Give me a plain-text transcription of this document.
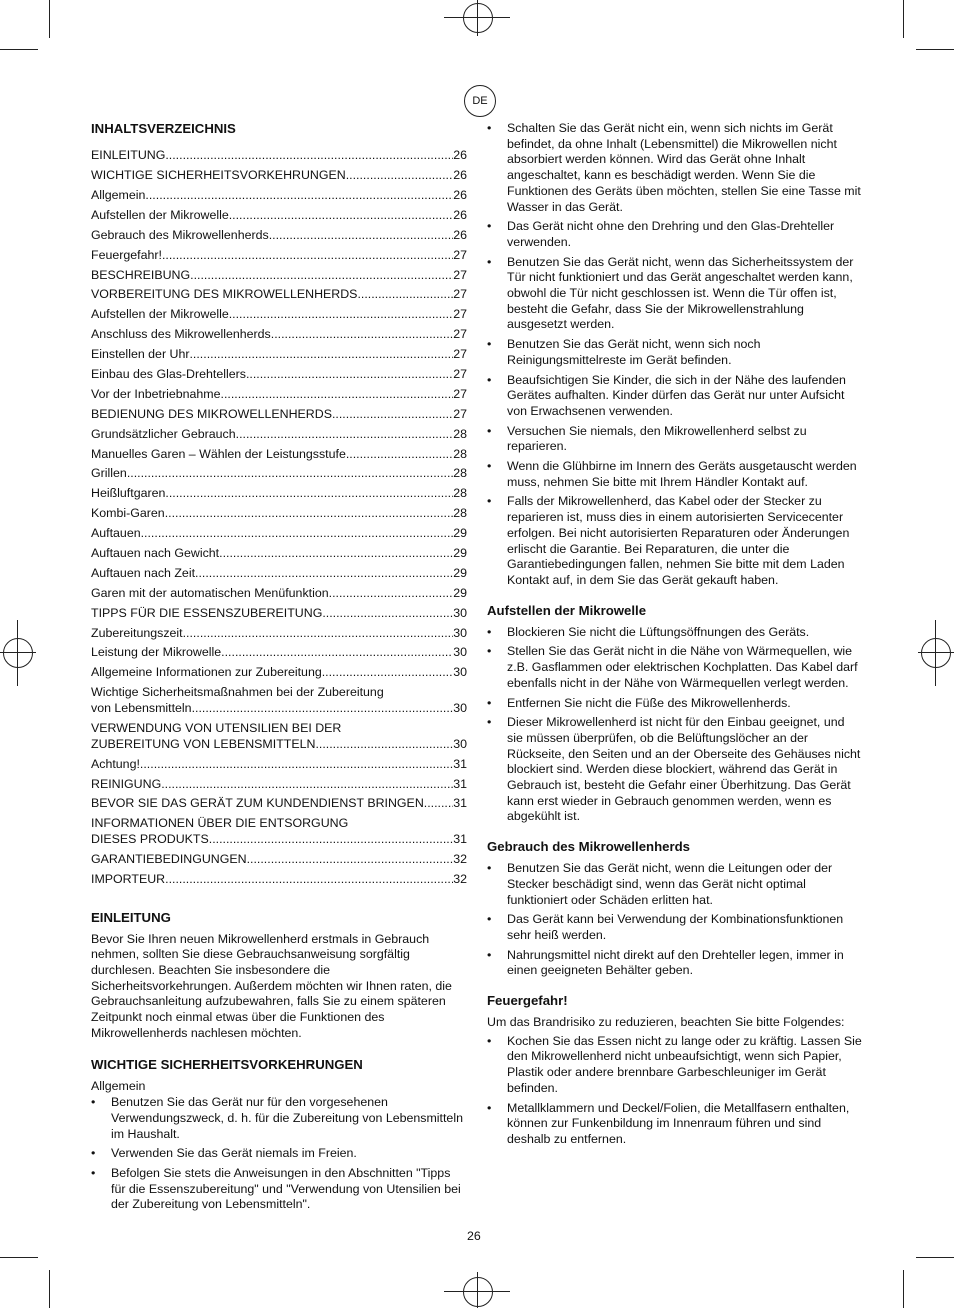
DE
INHALTSVERZEICHNIS
EINLEITUNG .....	26
WICHTIGE SICHERHEITSVORKEHRUNGEN .....	26
Allgemein .....	26
Aufstellen der Mikrowelle .....	26
Gebrauch des Mikrowellenherds .....	26
Feuergefahr! .....	27
BESCHREIBUNG .....	27
VORBEREITUNG DES MIKROWELLENHERDS .....	27
Aufstellen der Mikrowelle .....	27
Anschluss des Mikrowellenherds .....	27
Einstellen der Uhr .....	27
Einbau des Glas-Drehtellers .....	27
Vor der Inbetriebnahme .....	27
BEDIENUNG DES MIKROWELLENHERDS .....	27
Grundsätzlicher Gebrauch .....	28
Manuelles Garen – Wählen der Leistungsstufe .....	28
Grillen .....	28
Heißluftgaren .....	28
Kombi-Garen .....	28
Auftauen .....	29
Auftauen nach Gewicht .....	29
Auftauen nach Zeit .....	29
Garen mit der automatischen Menüfunktion .....	29
TIPPS FÜR DIE ESSENSZUBEREITUNG .....	30
Zubereitungszeit .....	30
Leistung der Mikrowelle .....	30
Allgemeine Informationen zur Zubereitung .....	30
Wichtige Sicherheitsmaßnahmen bei der Zubereitung
von Lebensmitteln .....	30
VERWENDUNG VON UTENSILIEN BEI DER
ZUBEREITUNG VON LEBENSMITTELN .....	30
Achtung! .....	31
REINIGUNG .....	31
BEVOR SIE DAS GERÄT ZUM KUNDENDIENST BRINGEN ..... 31
INFORMATIONEN ÜBER DIE ENTSORGUNG
DIESES PRODUKTS .....	31
GARANTIEBEDINGUNGEN .....	32
IMPORTEUR .....	32
EINLEITUNG

Bevor Sie Ihren neuen Mikrowellenherd erstmals in Gebrauch nehmen, sollten Sie diese Gebrauchsanweisung sorgfältig durchlesen. Beachten Sie insbesondere die Sicherheitsvorkehrungen. Außerdem möchten wir Ihnen raten, die Gebrauchsanleitung aufzubewahren, falls Sie zu einem späteren Zeitpunkt noch einmal etwas über die Funktionen des Mikrowellenherds nachlesen möchten.

WICHTIGE SICHERHEITSVORKEHRUNGEN

Allgemein

• Benutzen Sie das Gerät nur für den vorgesehenen Verwendungszweck, d. h. für die Zubereitung von Lebensmitteln im Haushalt.
• Verwenden Sie das Gerät niemals im Freien.
• Befolgen Sie stets die Anweisungen in den Abschnitten "Tipps für die Essenszubereitung" und "Verwendung von Utensilien bei der Zubereitung von Lebensmitteln".
• Schalten Sie das Gerät nicht ein, wenn sich nichts im Gerät befindet, da ohne Inhalt (Lebensmittel) die Mikrowellen nicht absorbiert werden können. Wird das Gerät ohne Inhalt angeschaltet, kann es beschädigt werden. Wenn Sie die Funktionen des Geräts üben möchten, stellen Sie eine Tasse mit Wasser in das Gerät.
• Das Gerät nicht ohne den Drehring und den Glas-Drehteller verwenden.
• Benutzen Sie das Gerät nicht, wenn das Sicherheitssystem der Tür nicht funktioniert und das Gerät angeschaltet werden kann, obwohl die Tür nicht geschlossen ist. Wenn die Tür offen ist, besteht die Gefahr, dass Sie der Mikrowellenstrahlung ausgesetzt werden.
• Benutzen Sie das Gerät nicht, wenn sich noch Reinigungsmittelreste im Gerät befinden.
• Beaufsichtigen Sie Kinder, die sich in der Nähe des laufenden Gerätes aufhalten. Kinder dürfen das Gerät nur unter Aufsicht von Erwachsenen verwenden.
• Versuchen Sie niemals, den Mikrowellenherd selbst zu reparieren.
• Wenn die Glühbirne im Innern des Geräts ausgetauscht werden muss, nehmen Sie bitte mit Ihrem Händler Kontakt auf.
• Falls der Mikrowellenherd, das Kabel oder der Stecker zu reparieren ist, muss dies in einem autorisierten Servicecenter erfolgen. Bei nicht autorisierten Reparaturen oder Änderungen erlischt die Garantie. Bei Reparaturen, die unter die Garantiebedingungen fallen, nehmen Sie bitte mit dem Laden Kontakt auf, in dem Sie das Gerät gekauft haben.
Aufstellen der Mikrowelle
• Blockieren Sie nicht die Lüftungsöffnungen des Geräts.
• Stellen Sie das Gerät nicht in die Nähe von Wärmequellen, wie z.B. Gasflammen oder elektrischen Kochplatten. Das Kabel darf ebenfalls nicht in der Nähe von Wärmequellen verlegt werden.
• Entfernen Sie nicht die Füße des Mikrowellenherds.
• Dieser Mikrowellenherd ist nicht für den Einbau geeignet, und sie müssen überprüfen, ob die Belüftungslöcher an der Rückseite, den Seiten und an der Oberseite des Gehäuses nicht blockiert sind. Werden diese blockiert, während das Gerät in Gebrauch ist, besteht die Gefahr einer Überhitzung. Das Gerät kann erst wieder in Gebrauch genommen werden, wenn es abgekühlt ist.
Gebrauch des Mikrowellenherds
• Benutzen Sie das Gerät nicht, wenn die Leitungen oder der Stecker beschädigt sind, wenn das Gerät nicht optimal funktioniert oder Schäden erlitten hat.
• Das Gerät kann bei Verwendung der Kombinationsfunktionen sehr heiß werden.
• Nahrungsmittel nicht direkt auf den Drehteller legen, immer in einen geeigneten Behälter geben.
Feuergefahr!

Um das Brandrisiko zu reduzieren, beachten Sie bitte Folgendes:

• Kochen Sie das Essen nicht zu lange oder zu kräftig. Lassen Sie den Mikrowellenherd nicht unbeaufsichtigt, wenn sich Papier, Plastik oder andere brennbare Garbeschleuniger im Gerät befinden.
• Metallklammern und Deckel/Folien, die Metallfasern enthalten, können zur Funkenbildung im Innenraum führen und sind deshalb zu entfernen.
26
